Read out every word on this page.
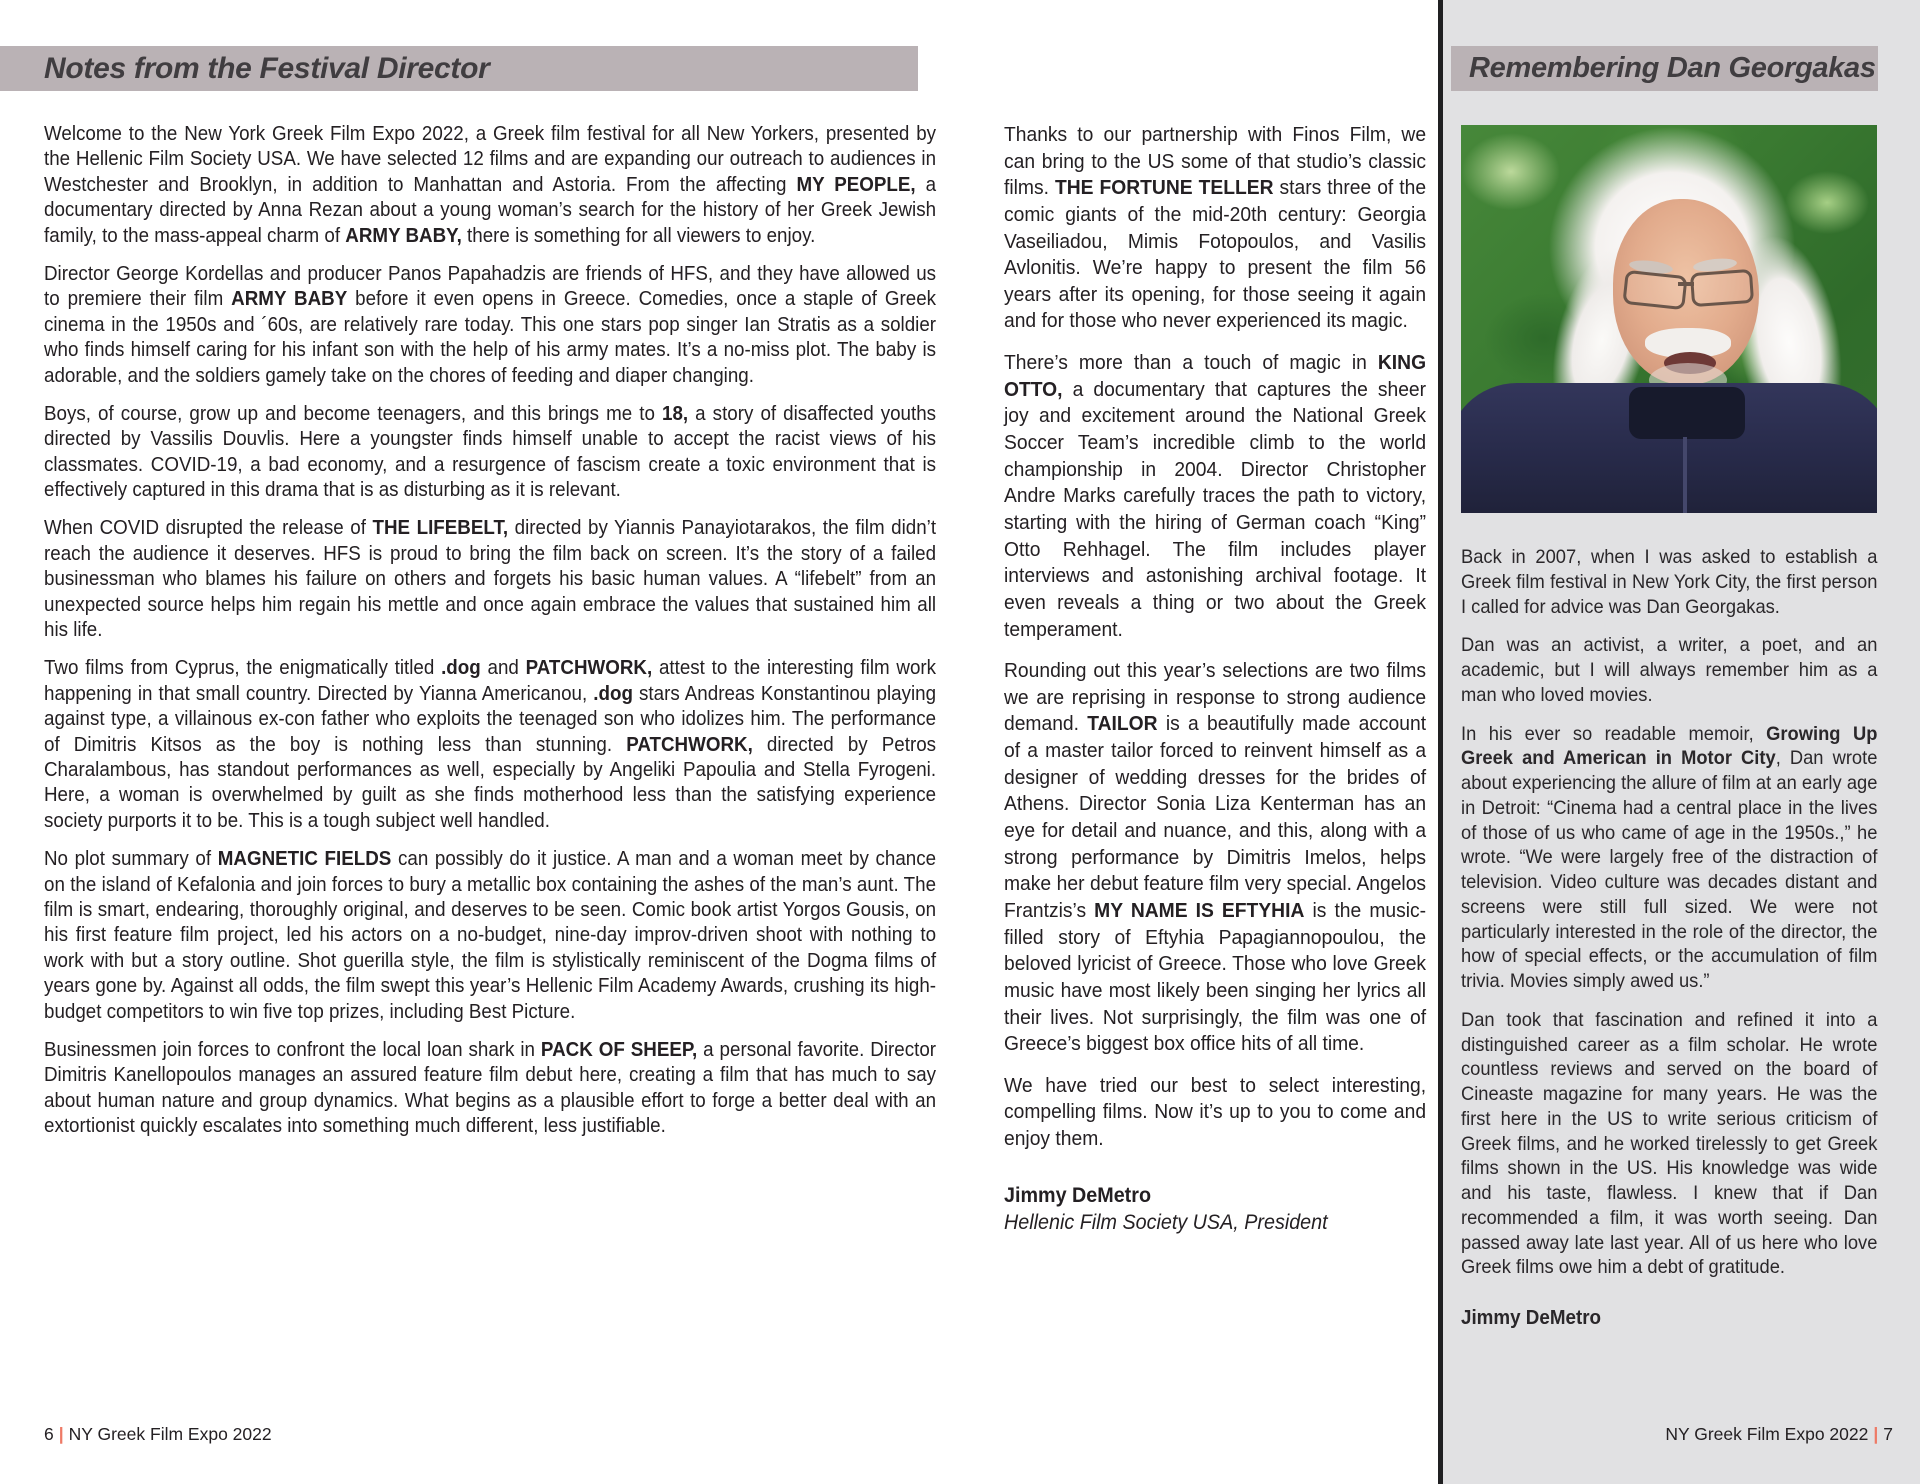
Notes from the Festival Director

Welcome to the New York Greek Film Expo 2022, a Greek film festival for all New Yorkers, presented by the Hellenic Film Society USA. We have selected 12 films and are expanding our outreach to audiences in Westchester and Brooklyn, in addition to Manhattan and Astoria. From the affecting MY PEOPLE, a documentary directed by Anna Rezan about a young woman’s search for the history of her Greek Jewish family, to the mass-appeal charm of ARMY BABY, there is something for all viewers to enjoy.

Director George Kordellas and producer Panos Papahadzis are friends of HFS, and they have allowed us to premiere their film ARMY BABY before it even opens in Greece. Comedies, once a staple of Greek cinema in the 1950s and ´60s, are relatively rare today. This one stars pop singer Ian Stratis as a soldier who finds himself caring for his infant son with the help of his army mates. It’s a no-miss plot. The baby is adorable, and the soldiers gamely take on the chores of feeding and diaper changing.

Boys, of course, grow up and become teenagers, and this brings me to 18, a story of disaffected youths directed by Vassilis Douvlis. Here a youngster finds himself unable to accept the racist views of his classmates. COVID-19, a bad economy, and a resurgence of fascism create a toxic environment that is effectively captured in this drama that is as disturbing as it is relevant.

When COVID disrupted the release of THE LIFEBELT, directed by Yiannis Panayiotarakos, the film didn’t reach the audience it deserves. HFS is proud to bring the film back on screen. It’s the story of a failed businessman who blames his failure on others and forgets his basic human values. A “lifebelt” from an unexpected source helps him regain his mettle and once again embrace the values that sustained him all his life.

Two films from Cyprus, the enigmatically titled .dog and PATCHWORK, attest to the interesting film work happening in that small country. Directed by Yianna Americanou, .dog stars Andreas Konstantinou playing against type, a villainous ex-con father who exploits the teenaged son who idolizes him. The performance of Dimitris Kitsos as the boy is nothing less than stunning. PATCHWORK, directed by Petros Charalambous, has standout performances as well, especially by Angeliki Papoulia and Stella Fyrogeni. Here, a woman is overwhelmed by guilt as she finds motherhood less than the satisfying experience society purports it to be. This is a tough subject well handled.

No plot summary of MAGNETIC FIELDS can possibly do it justice. A man and a woman meet by chance on the island of Kefalonia and join forces to bury a metallic box containing the ashes of the man’s aunt. The film is smart, endearing, thoroughly original, and deserves to be seen. Comic book artist Yorgos Gousis, on his first feature film project, led his actors on a no-budget, nine-day improv-driven shoot with nothing to work with but a story outline. Shot guerilla style, the film is stylistically reminiscent of the Dogma films of years gone by. Against all odds, the film swept this year’s Hellenic Film Academy Awards, crushing its high-budget competitors to win five top prizes, including Best Picture.

Businessmen join forces to confront the local loan shark in PACK OF SHEEP, a personal favorite. Director Dimitris Kanellopoulos manages an assured feature film debut here, creating a film that has much to say about human nature and group dynamics. What begins as a plausible effort to forge a better deal with an extortionist quickly escalates into something much different, less justifiable.

Thanks to our partnership with Finos Film, we can bring to the US some of that studio’s classic films. THE FORTUNE TELLER stars three of the comic giants of the mid-20th century: Georgia Vaseiliadou, Mimis Fotopoulos, and Vasilis Avlonitis. We’re happy to present the film 56 years after its opening, for those seeing it again and for those who never experienced its magic.

There’s more than a touch of magic in KING OTTO, a documentary that captures the sheer joy and excitement around the National Greek Soccer Team’s incredible climb to the world championship in 2004. Director Christopher Andre Marks carefully traces the path to victory, starting with the hiring of German coach “King” Otto Rehhagel. The film includes player interviews and astonishing archival footage. It even reveals a thing or two about the Greek temperament.

Rounding out this year’s selections are two films we are reprising in response to strong audience demand. TAILOR is a beautifully made account of a master tailor forced to reinvent himself as a designer of wedding dresses for the brides of Athens. Director Sonia Liza Kenterman has an eye for detail and nuance, and this, along with a strong performance by Dimitris Imelos, helps make her debut feature film very special. Angelos Frantzis’s MY NAME IS EFTYHIA is the music-filled story of Eftyhia Papagiannopoulou, the beloved lyricist of Greece. Those who love Greek music have most likely been singing her lyrics all their lives. Not surprisingly, the film was one of Greece’s biggest box office hits of all time.

We have tried our best to select interesting, compelling films. Now it’s up to you to come and enjoy them.

Jimmy DeMetro
Hellenic Film Society USA, President
6 | NY Greek Film Expo 2022
Remembering Dan Georgakas

Back in 2007, when I was asked to establish a Greek film festival in New York City, the first person I called for advice was Dan Georgakas.

Dan was an activist, a writer, a poet, and an academic, but I will always remember him as a man who loved movies.

In his ever so readable memoir, Growing Up Greek and American in Motor City, Dan wrote about experiencing the allure of film at an early age in Detroit: “Cinema had a central place in the lives of those of us who came of age in the 1950s.,” he wrote. “We were largely free of the distraction of television. Video culture was decades distant and screens were still full sized. We were not particularly interested in the role of the director, the how of special effects, or the accumulation of film trivia. Movies simply awed us.”

Dan took that fascination and refined it into a distinguished career as a film scholar. He wrote countless reviews and served on the board of Cineaste magazine for many years. He was the first here in the US to write serious criticism of Greek films, and he worked tirelessly to get Greek films shown in the US. His knowledge was wide and his taste, flawless. I knew that if Dan recommended a film, it was worth seeing. Dan passed away late last year. All of us here who love Greek films owe him a debt of gratitude.

Jimmy DeMetro
NY Greek Film Expo 2022 | 7
